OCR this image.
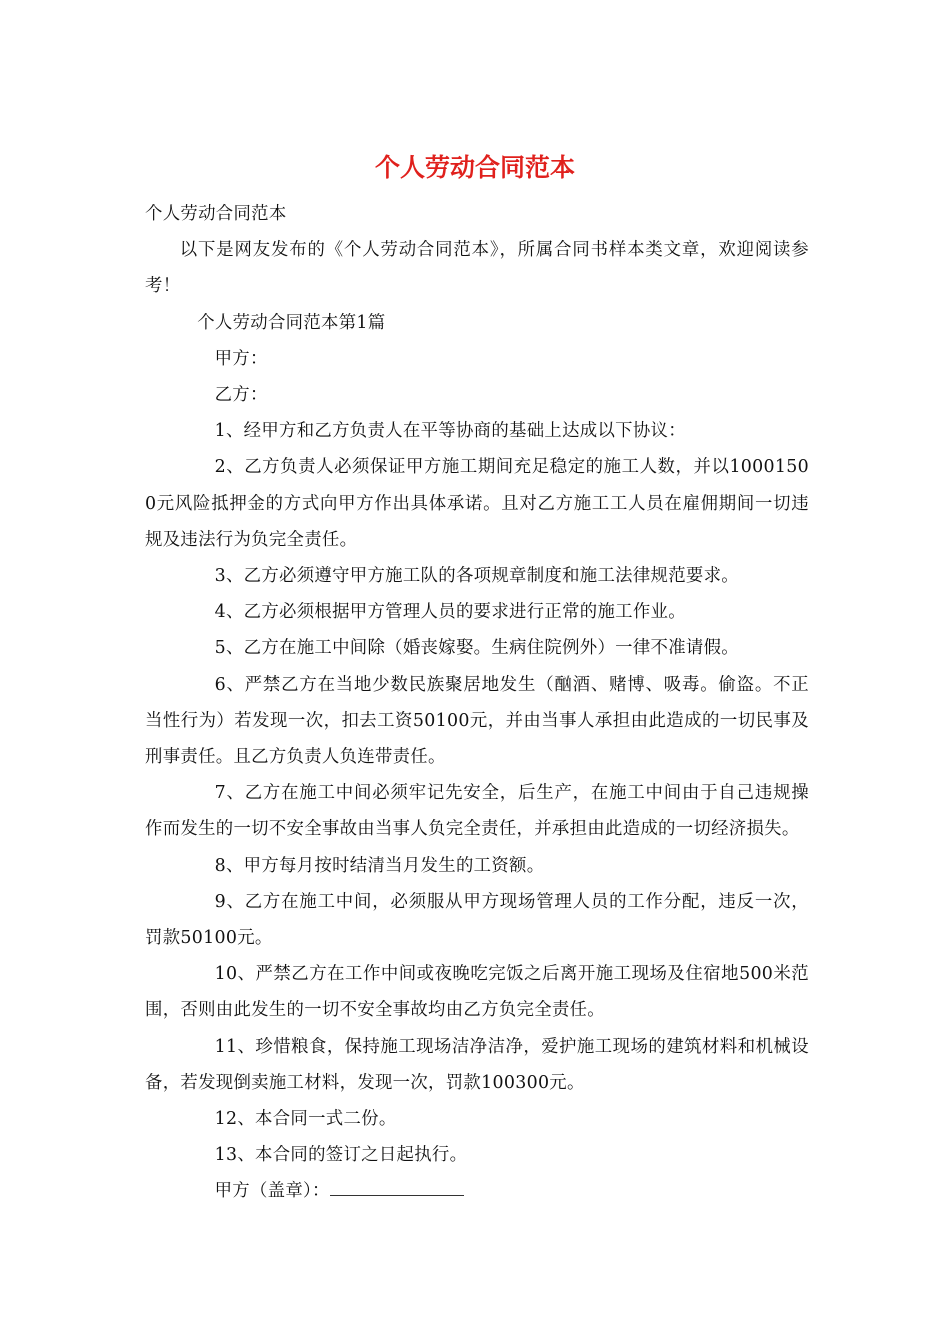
个人劳动合同范本

个人劳动合同范本

以下是网友发布的《个人劳动合同范本》，所属合同书样本类文章，欢迎阅读参考！

个人劳动合同范本第1篇

甲方：

乙方：

1、经甲方和乙方负责人在平等协商的基础上达成以下协议：

2、乙方负责人必须保证甲方施工期间充足稳定的施工人数，并以10001500元风险抵押金的方式向甲方作出具体承诺。且对乙方施工工人员在雇佣期间一切违规及违法行为负完全责任。

3、乙方必须遵守甲方施工队的各项规章制度和施工法律规范要求。

4、乙方必须根据甲方管理人员的要求进行正常的施工作业。

5、乙方在施工中间除（婚丧嫁娶。生病住院例外）一律不准请假。

6、严禁乙方在当地少数民族聚居地发生（酗酒、赌博、吸毒。偷盗。不正当性行为）若发现一次，扣去工资50100元，并由当事人承担由此造成的一切民事及刑事责任。且乙方负责人负连带责任。

7、乙方在施工中间必须牢记先安全，后生产，在施工中间由于自己违规操作而发生的一切不安全事故由当事人负完全责任，并承担由此造成的一切经济损失。

8、甲方每月按时结清当月发生的工资额。

9、乙方在施工中间，必须服从甲方现场管理人员的工作分配，违反一次，罚款50100元。

10、严禁乙方在工作中间或夜晚吃完饭之后离开施工现场及住宿地500米范围，否则由此发生的一切不安全事故均由乙方负完全责任。

11、珍惜粮食，保持施工现场洁净洁净，爱护施工现场的建筑材料和机械设备，若发现倒卖施工材料，发现一次，罚款100300元。

12、本合同一式二份。

13、本合同的签订之日起执行。

甲方（盖章）：
